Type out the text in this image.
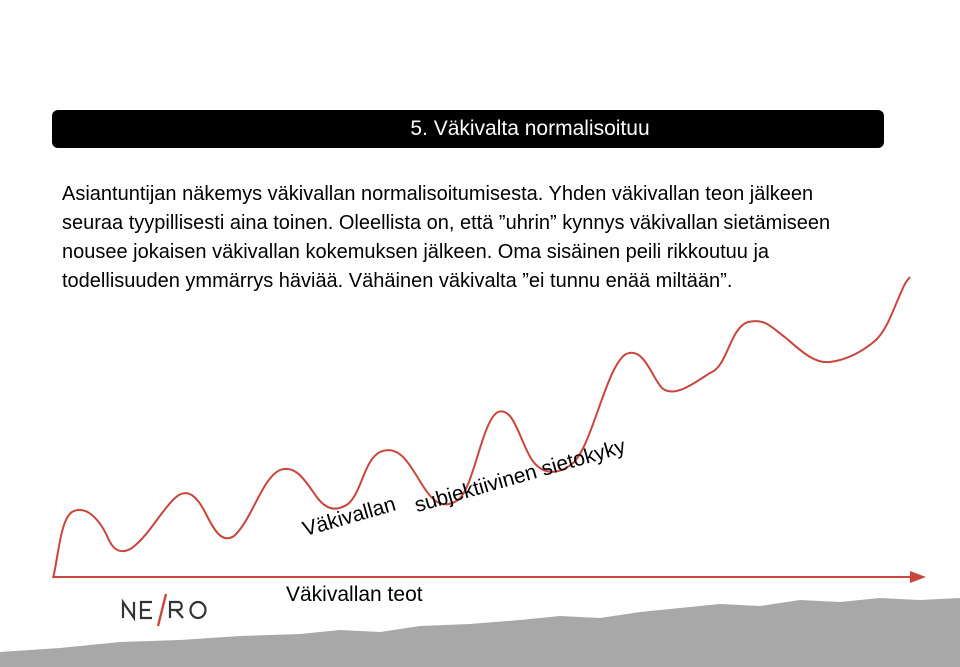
5. Väkivalta normalisoituu

Asiantuntijan näkemys väkivallan normalisoitumisesta. Yhden väkivallan teon jälkeen
seuraa tyypillisesti aina toinen. Oleellista on, että ”uhrin” kynnys väkivallan sietämiseen
nousee jokaisen väkivallan kokemuksen jälkeen. Oma sisäinen peili rikkoutuu ja
todellisuuden ymmärrys häviää. Vähäinen väkivalta ”ei tunnu enää miltään”.

Väkivallan subjektiivinen sietokyky
Väkivallan teot
